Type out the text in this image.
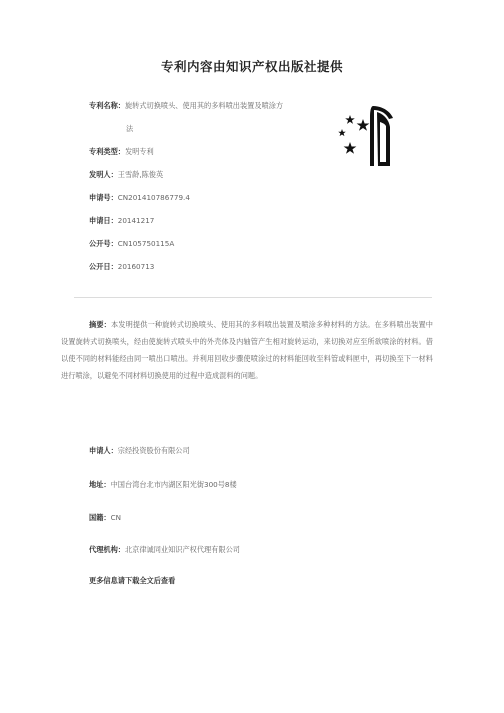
专利内容由知识产权出版社提供
专利名称： 旋转式切换喷头、使用其的多料喷出装置及喷涂方
法
专利类型： 发明专利
发明人： 王雪龄,陈俊英
申请号： CN201410786779.4
申请日： 20141217
公开号： CN105750115A
公开日： 20160713
摘要：本发明提供一种旋转式切换喷头、使用其的多料喷出装置及喷涂多种材料的方法。在多料喷出装置中设置旋转式切换喷头，经由使旋转式喷头中的外壳体及内轴管产生相对旋转运动，来切换对应至所欲喷涂的材料。借以使不同的材料能经由同一喷出口喷出。并利用回收步骤使喷涂过的材料能回收至料管或料匣中，再切换至下一材料进行喷涂，以避免不同材料切换使用的过程中造成混料的问题。
申请人：宗经投资股份有限公司
地址：中国台湾台北市内湖区阳光街300号8楼
国籍：CN
代理机构：北京律诚同业知识产权代理有限公司
更多信息请下载全文后查看
